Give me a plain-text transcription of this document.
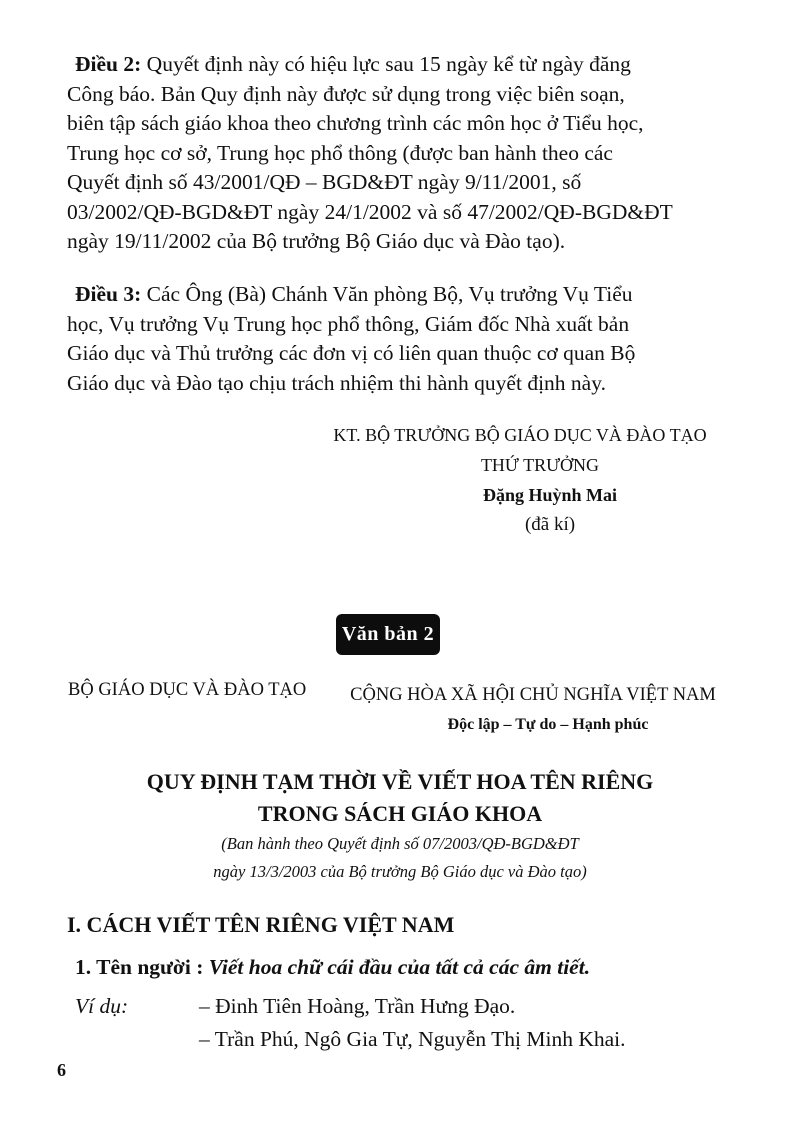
Điều 2: Quyết định này có hiệu lực sau 15 ngày kể từ ngày đăng
Công báo. Bản Quy định này được sử dụng trong việc biên soạn,
biên tập sách giáo khoa theo chương trình các môn học ở Tiểu học,
Trung học cơ sở, Trung học phổ thông (được ban hành theo các
Quyết định số 43/2001/QĐ – BGD&ĐT ngày 9/11/2001, số
03/2002/QĐ-BGD&ĐT ngày 24/1/2002 và số 47/2002/QĐ-BGD&ĐT
ngày 19/11/2002 của Bộ trưởng Bộ Giáo dục và Đào tạo).

Điều 3: Các Ông (Bà) Chánh Văn phòng Bộ, Vụ trưởng Vụ Tiểu
học, Vụ trưởng Vụ Trung học phổ thông, Giám đốc Nhà xuất bản
Giáo dục và Thủ trưởng các đơn vị có liên quan thuộc cơ quan Bộ
Giáo dục và Đào tạo chịu trách nhiệm thi hành quyết định này.

KT. BỘ TRƯỞNG BỘ GIÁO DỤC VÀ ĐÀO TẠO
THỨ TRƯỞNG
Đặng Huỳnh Mai
(đã kí)
Văn bản 2
BỘ GIÁO DỤC VÀ ĐÀO TẠO	CỘNG HÒA XÃ HỘI CHỦ NGHĨA VIỆT NAM
Độc lập – Tự do – Hạnh phúc
QUY ĐỊNH TẠM THỜI VỀ VIẾT HOA TÊN RIÊNG
TRONG SÁCH GIÁO KHOA
(Ban hành theo Quyết định số 07/2003/QĐ-BGD&ĐT
ngày 13/3/2003 của Bộ trưởng Bộ Giáo dục và Đào tạo)
I. CÁCH VIẾT TÊN RIÊNG VIỆT NAM
1. Tên người : Viết hoa chữ cái đầu của tất cả các âm tiết.
Ví dụ:	– Đinh Tiên Hoàng, Trần Hưng Đạo.
– Trần Phú, Ngô Gia Tự, Nguyễn Thị Minh Khai.
6
